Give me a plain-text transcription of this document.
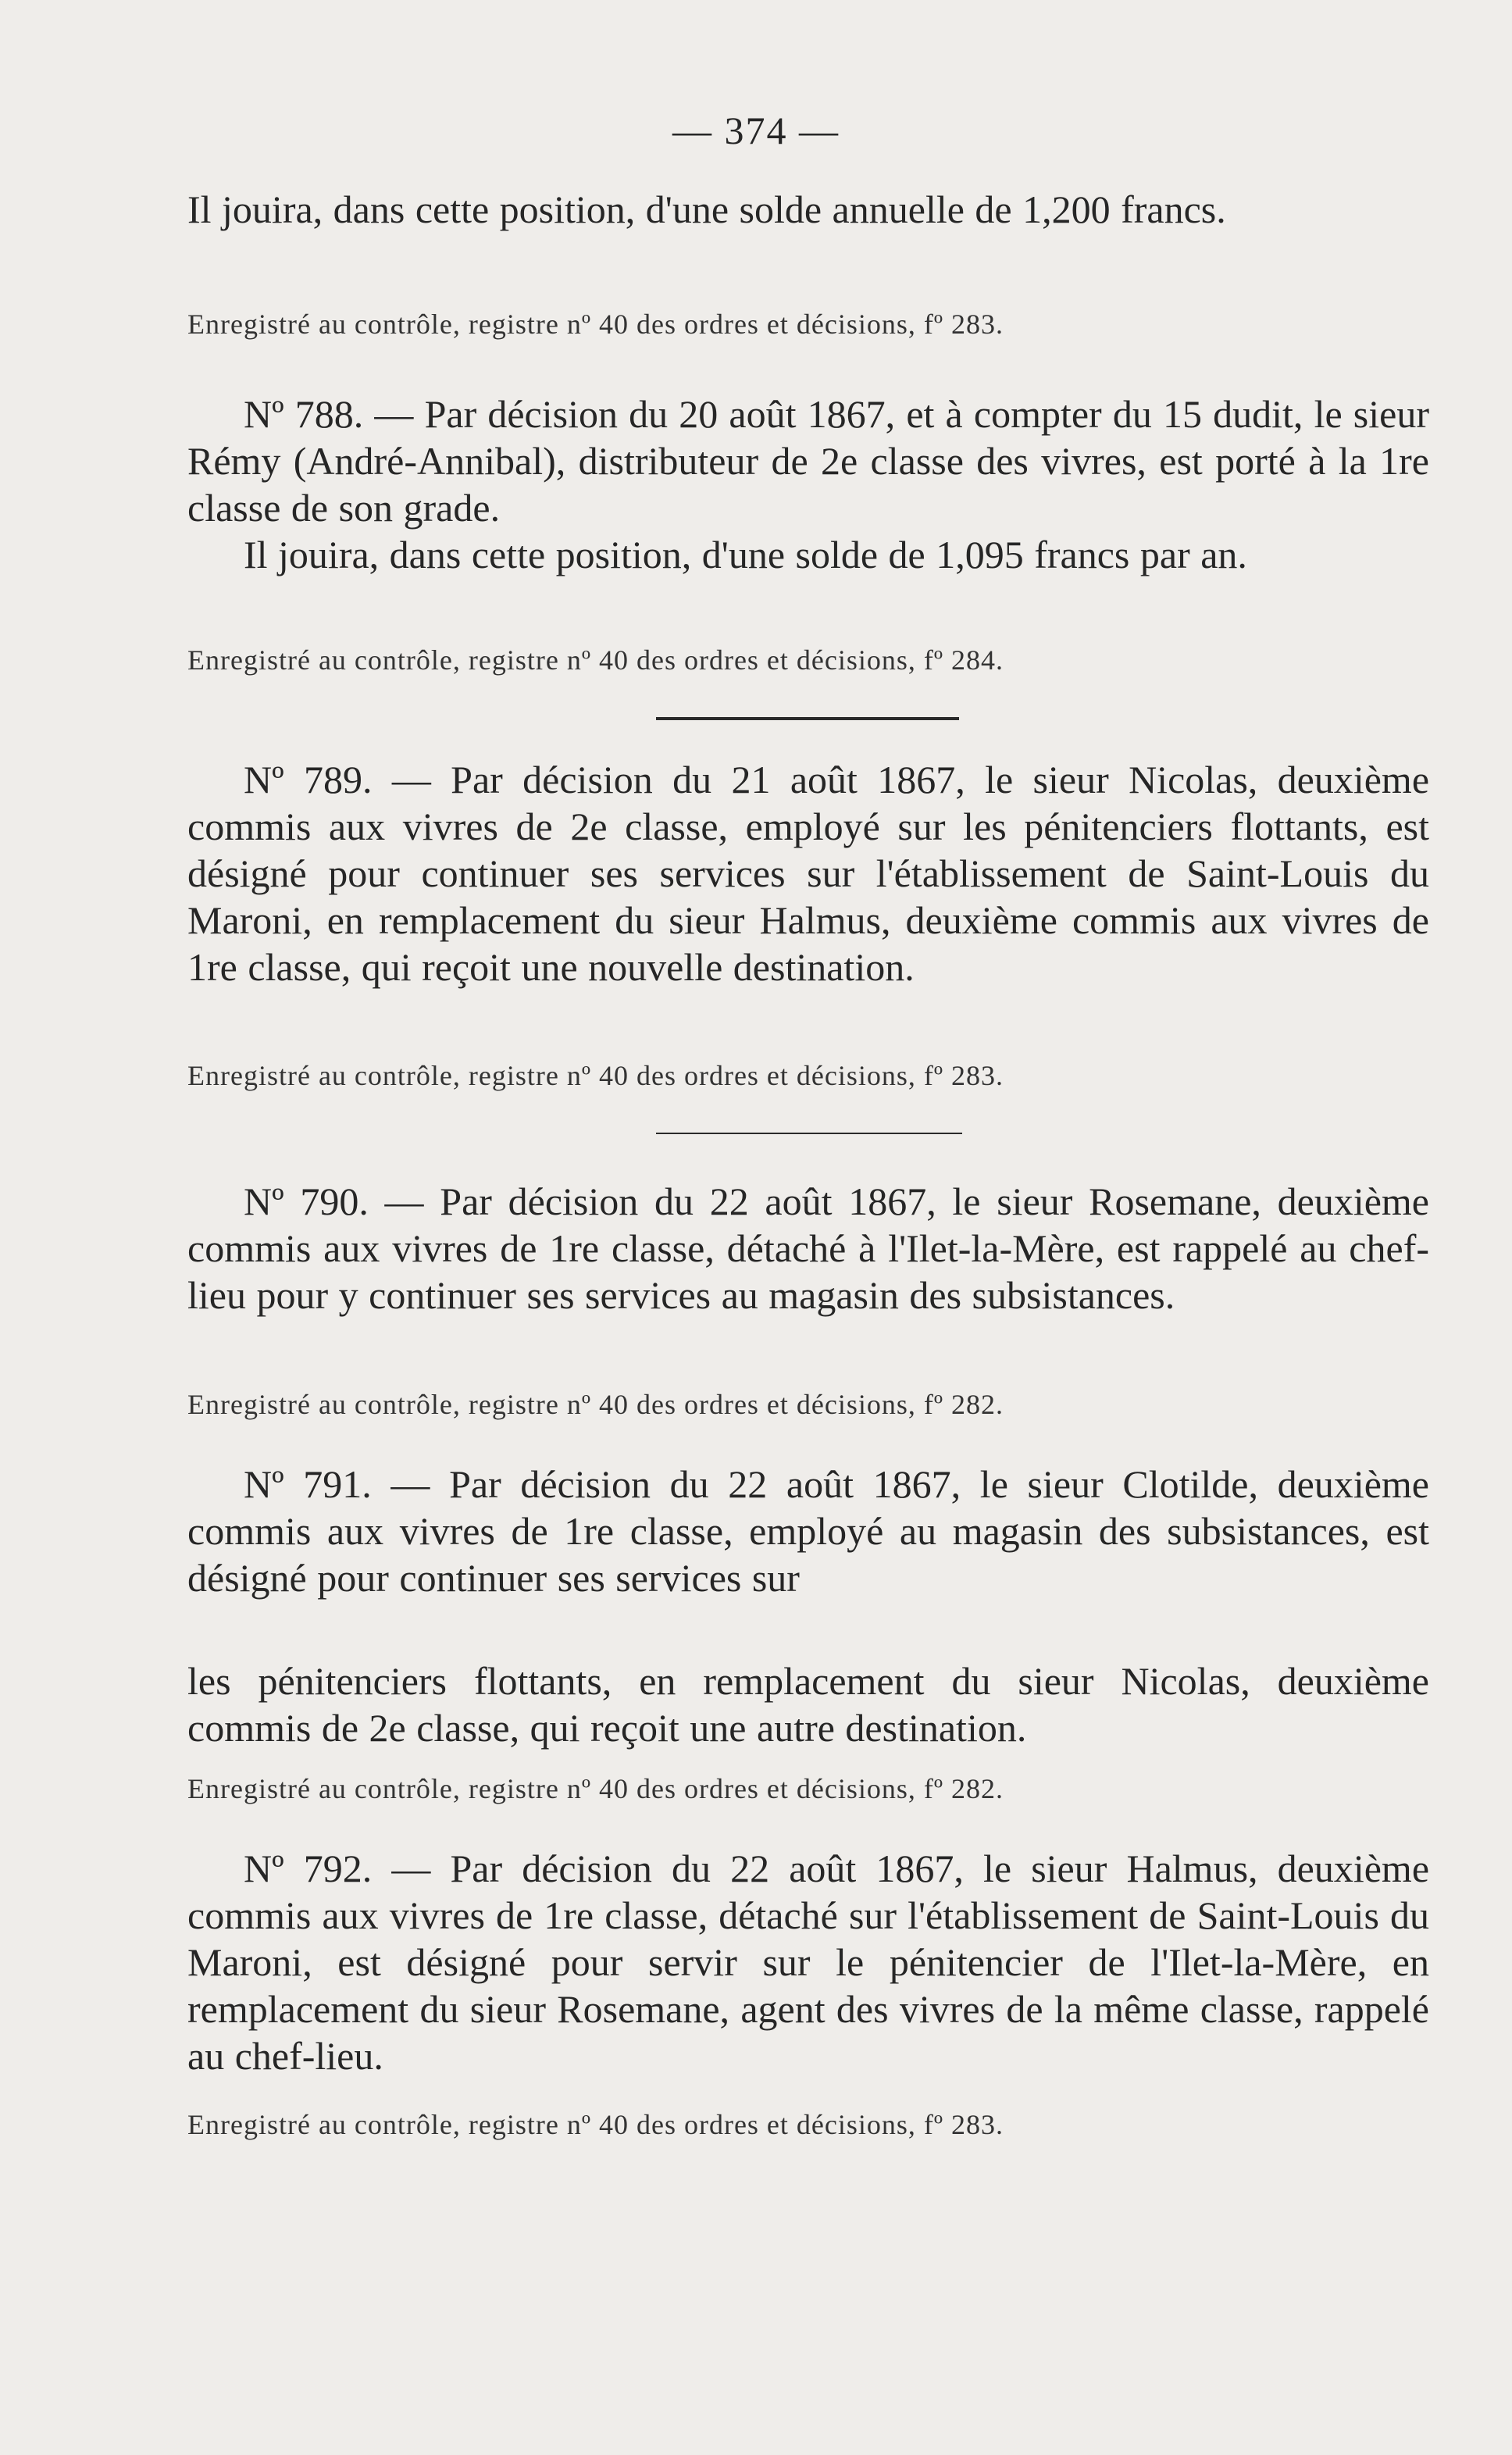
— 374 —

Il jouira, dans cette position, d'une solde annuelle de 1,200 francs.

Enregistré au contrôle, registre nº 40 des ordres et décisions, fº 283.

Nº 788. — Par décision du 20 août 1867, et à compter du 15 dudit, le sieur Rémy (André-Annibal), distributeur de 2e classe des vivres, est porté à la 1re classe de son grade.

Il jouira, dans cette position, d'une solde de 1,095 francs par an.

Enregistré au contrôle, registre nº 40 des ordres et décisions, fº 284.

Nº 789. — Par décision du 21 août 1867, le sieur Nicolas, deuxième commis aux vivres de 2e classe, employé sur les pénitenciers flottants, est désigné pour continuer ses services sur l'établissement de Saint-Louis du Maroni, en remplacement du sieur Halmus, deuxième commis aux vivres de 1re classe, qui reçoit une nouvelle destination.

Enregistré au contrôle, registre nº 40 des ordres et décisions, fº 283.

Nº 790. — Par décision du 22 août 1867, le sieur Rosemane, deuxième commis aux vivres de 1re classe, détaché à l'Ilet-la-Mère, est rappelé au chef-lieu pour y continuer ses services au magasin des subsistances.

Enregistré au contrôle, registre nº 40 des ordres et décisions, fº 282.

Nº 791. — Par décision du 22 août 1867, le sieur Clotilde, deuxième commis aux vivres de 1re classe, employé au magasin des subsistances, est désigné pour continuer ses services sur

les pénitenciers flottants, en remplacement du sieur Nicolas, deuxième commis de 2e classe, qui reçoit une autre destination.

Enregistré au contrôle, registre nº 40 des ordres et décisions, fº 282.

Nº 792. — Par décision du 22 août 1867, le sieur Halmus, deuxième commis aux vivres de 1re classe, détaché sur l'établissement de Saint-Louis du Maroni, est désigné pour servir sur le pénitencier de l'Ilet-la-Mère, en remplacement du sieur Rosemane, agent des vivres de la même classe, rappelé au chef-lieu.

Enregistré au contrôle, registre nº 40 des ordres et décisions, fº 283.
